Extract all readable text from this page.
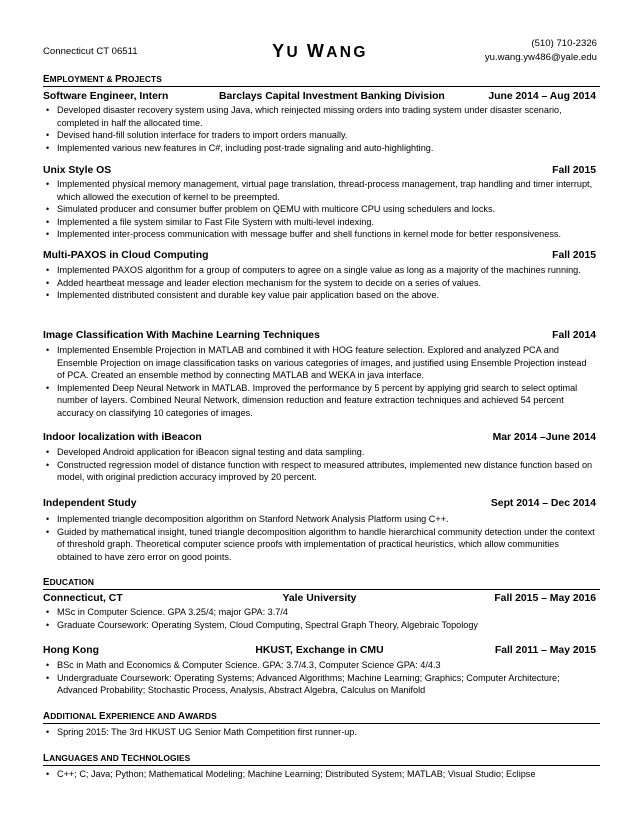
Connecticut CT 06511	YU WANG
(510) 710-2326
yu.wang.yw486@yale.edu
EMPLOYMENT & PROJECTS
Software Engineer, Intern	Barclays Capital Investment Banking Division	June 2014 – Aug 2014
• Developed disaster recovery system using Java, which reinjected missing orders into trading system under disaster scenario, completed in half the allocated time.
• Devised hand-fill solution interface for traders to import orders manually.
• Implemented various new features in C#, including post-trade signaling and auto-highlighting.
Unix Style OS	Fall 2015
• Implemented physical memory management, virtual page translation, thread-process management, trap handling and timer interrupt, which allowed the execution of kernel to be preempted.
• Simulated producer and consumer buffer problem on QEMU with multicore CPU using schedulers and locks.
• Implemented a file system similar to Fast File System with multi-level indexing.
• Implemented inter-process communication with message buffer and shell functions in kernel mode for better responsiveness.
Multi-PAXOS in Cloud Computing	Fall 2015
• Implemented PAXOS algorithm for a group of computers to agree on a single value as long as a majority of the machines running.
• Added heartbeat message and leader election mechanism for the system to decide on a series of values.
• Implemented distributed consistent and durable key value pair application based on the above.
Image Classification With Machine Learning Techniques	Fall 2014
• Implemented Ensemble Projection in MATLAB and combined it with HOG feature selection. Explored and analyzed PCA and Ensemble Projection on image classification tasks on various categories of images, and justified using Ensemble Projection instead of PCA. Created an ensemble method by connecting MATLAB and WEKA in java interface.
• Implemented Deep Neural Network in MATLAB. Improved the performance by 5 percent by applying grid search to select optimal number of layers. Combined Neural Network, dimension reduction and feature extraction techniques and achieved 54 percent accuracy on classifying 10 categories of images.
Indoor localization with iBeacon	Mar 2014 –June 2014
• Developed Android application for iBeacon signal testing and data sampling.
• Constructed regression model of distance function with respect to measured attributes, implemented new distance function based on model, with original prediction accuracy improved by 20 percent.
Independent Study	Sept 2014 – Dec 2014
• Implemented triangle decomposition algorithm on Stanford Network Analysis Platform using C++.
• Guided by mathematical insight, tuned triangle decomposition algorithm to handle hierarchical community detection under the context of threshold graph. Theoretical computer science proofs with implementation of practical heuristics, which allow communities obtained to have zero error on good points.
EDUCATION
Connecticut, CT	Yale University	Fall 2015 – May 2016
• MSc in Computer Science. GPA 3.25/4; major GPA: 3.7/4
• Graduate Coursework: Operating System, Cloud Computing, Spectral Graph Theory, Algebraic Topology
Hong Kong	HKUST, Exchange in CMU	Fall 2011 – May 2015
• BSc in Math and Economics & Computer Science. GPA: 3.7/4.3, Computer Science GPA: 4/4.3
• Undergraduate Coursework: Operating Systems; Advanced Algorithms; Machine Learning; Graphics; Computer Architecture; Advanced Probability; Stochastic Process, Analysis, Abstract Algebra, Calculus on Manifold
ADDITIONAL EXPERIENCE AND AWARDS
• Spring 2015: The 3rd HKUST UG Senior Math Competition first runner-up.
LANGUAGES AND TECHNOLOGIES
• C++; C; Java; Python; Mathematical Modeling; Machine Learning; Distributed System; MATLAB; Visual Studio; Eclipse
